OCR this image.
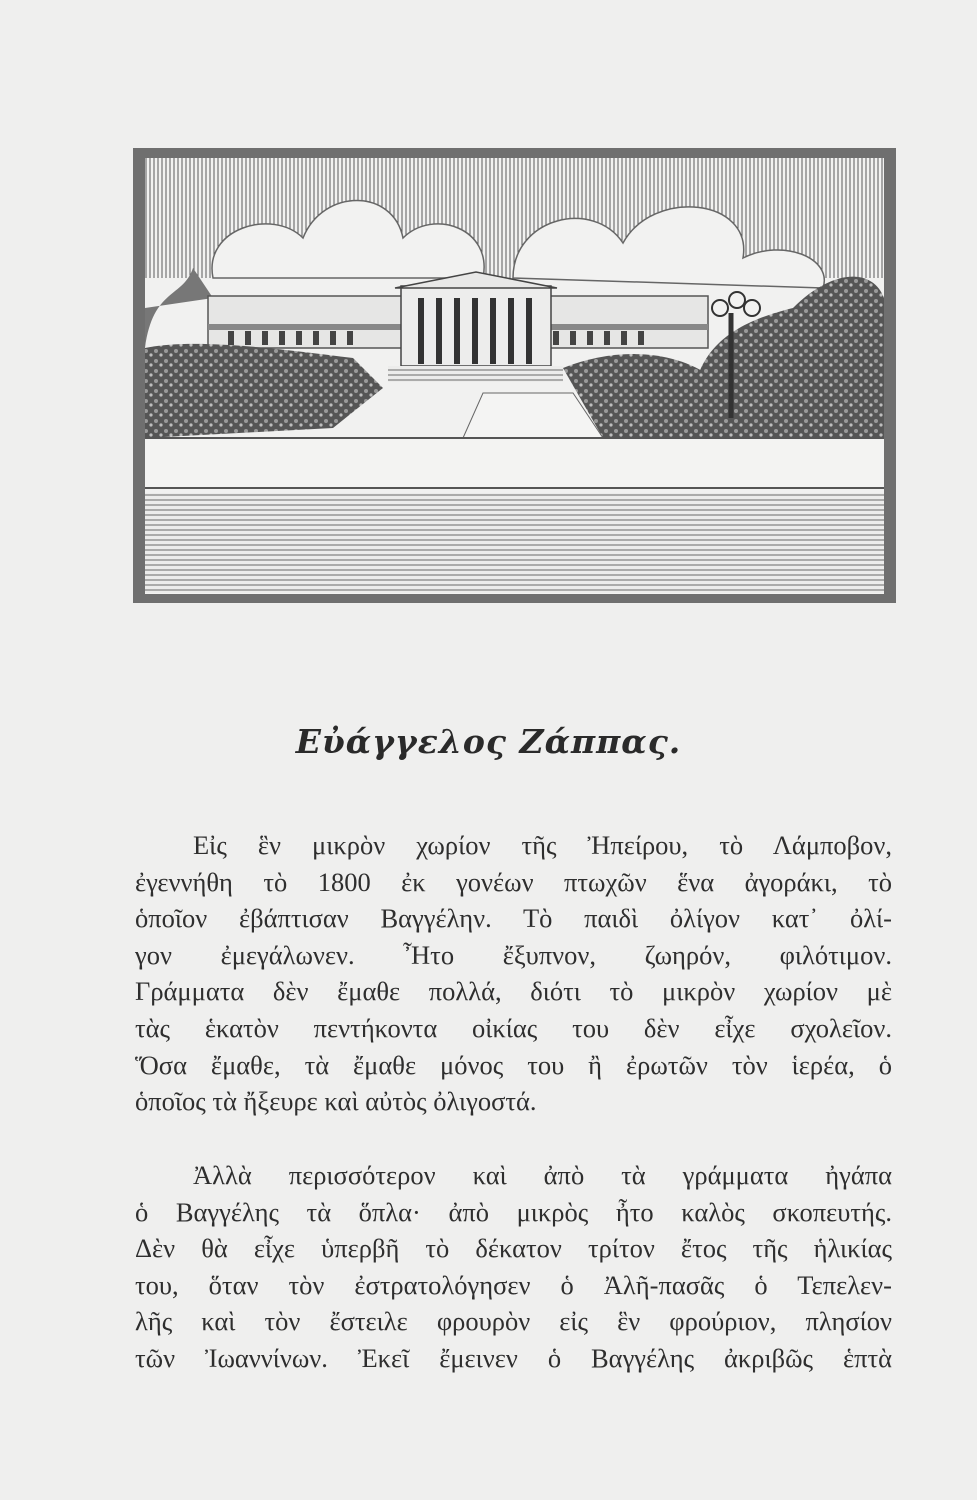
Εὐάγγελος Ζάππας.
Εἰς ἓν μικρὸν χωρίον τῆς Ἠπείρου, τὸ Λάμποβον,
ἐγεννήθη τὸ 1800 ἐκ γονέων πτωχῶν ἕνα ἀγοράκι, τὸ
ὁποῖον ἐβάπτισαν Βαγγέλην. Τὸ παιδὶ ὀλίγον κατ᾽ ὀλί-
γον ἐμεγάλωνεν. Ἦτο ἔξυπνον, ζωηρόν, φιλότιμον.
Γράμματα δὲν ἔμαθε πολλά, διότι τὸ μικρὸν χωρίον μὲ
τὰς ἑκατὸν πεντήκοντα οἰκίας του δὲν εἶχε σχολεῖον.
Ὅσα ἔμαθε, τὰ ἔμαθε μόνος του ἢ ἐρωτῶν τὸν ἱερέα, ὁ
ὁποῖος τὰ ἤξευρε καὶ αὐτὸς ὀλιγοστά.
Ἀλλὰ περισσότερον καὶ ἀπὸ τὰ γράμματα ἠγάπα
ὁ Βαγγέλης τὰ ὅπλα· ἀπὸ μικρὸς ἦτο καλὸς σκοπευτής.
Δὲν θὰ εἶχε ὑπερβῆ τὸ δέκατον τρίτον ἔτος τῆς ἡλικίας
του, ὅταν τὸν ἐστρατολόγησεν ὁ Ἀλῆ-πασᾶς ὁ Τεπελεν-
λῆς καὶ τὸν ἔστειλε φρουρὸν εἰς ἓν φρούριον, πλησίον
τῶν Ἰωαννίνων. Ἐκεῖ ἔμεινεν ὁ Βαγγέλης ἀκριβῶς ἑπτὰ
